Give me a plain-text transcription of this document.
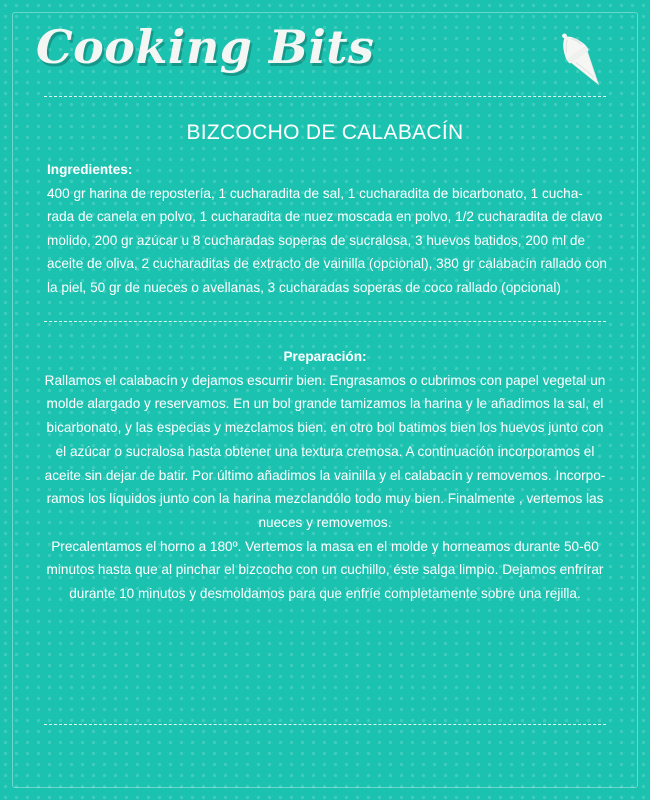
Cooking Bits
BIZCOCHO DE CALABACÍN
Ingredientes:
400 gr harina de repostería, 1 cucharadita de sal, 1 cucharadita de bicarbonato, 1 cucha-rada de canela en polvo, 1 cucharadita de nuez moscada en polvo, 1/2 cucharadita de clavo molido, 200 gr azúcar u 8 cucharadas soperas de sucralosa, 3 huevos batidos, 200 ml de aceite de oliva, 2 cucharaditas de extracto de vainilla (opcional), 380 gr calabacín rallado con la piel, 50 gr de nueces o avellanas, 3 cucharadas soperas de coco rallado (opcional)
Preparación:

Rallamos el calabacín y dejamos escurrir bien. Engrasamos o cubrimos con papel vegetal un molde alargado y reservamos. En un bol grande tamizamos la harina y le añadimos la sal, el bicarbonato, y las especias y mezclamos bien. en otro bol batimos bien los huevos junto con el azúcar o sucralosa hasta obtener una textura cremosa. A continuación incorporamos el aceite sin dejar de batir. Por último añadimos la vainilla y el calabacín y removemos. Incorpo-ramos los líquidos junto con la harina mezclandólo todo muy bien. Finalmente , vertemos las nueces y removemos.

Precalentamos el horno a 180º. Vertemos la masa en el molde y horneamos durante 50-60 minutos hasta que al pinchar el bizcocho con un cuchillo, éste salga limpio. Dejamos enfrírar durante 10 minutos y desmoldamos para que enfríe completamente sobre una rejilla.
